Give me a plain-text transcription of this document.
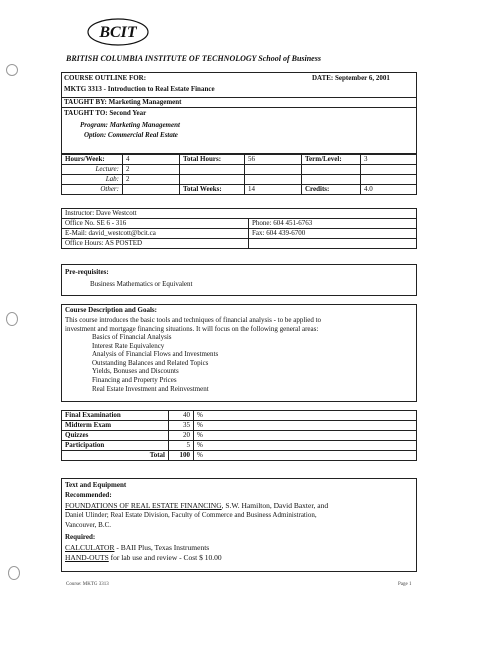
BCIT
BRITISH COLUMBIA INSTITUTE OF TECHNOLOGY School of Business
COURSE OUTLINE FOR:	DATE: September 6, 2001
MKTG 3313 - Introduction to Real Estate Finance
TAUGHT BY: Marketing Management
TAUGHT TO: Second Year
Program: Marketing Management
Option: Commercial Real Estate
Hours/Week:	4	Total Hours:	56	Term/Level:	3
Lecture:	2				
Lab:	2				
Other:		Total Weeks:	14	Credits:	4.0
Instructor: Dave Westcott	
Office No. SE 6 - 316	Phone: 604 451-6763
E-Mail: david_westcott@bcit.ca	Fax: 604 439-6700
Office Hours: AS POSTED	
Pre-requisites:
Business Mathematics or Equivalent
Course Description and Goals:
This course introduces the basic tools and techniques of financial analysis - to be applied to
investment and mortgage financing situations. It will focus on the following general areas:
Basics of Financial Analysis
Interest Rate Equivalency
Analysis of Financial Flows and Investments
Outstanding Balances and Related Topics
Yields, Bonuses and Discounts
Financing and Property Prices
Real Estate Investment and Reinvestment
Final Examination	40	%
Midterm Exam	35	%
Quizzes	20	%
Participation	5	%
Total	100	%
Text and Equipment
Recommended:
FOUNDATIONS OF REAL ESTATE FINANCING, S.W. Hamilton, David Baxter, and
Daniel Ulinder; Real Estate Division, Faculty of Commerce and Business Administration,
Vancouver, B.C.
Required:
CALCULATOR - BAII Plus, Texas Instruments
HAND-OUTS for lab use and review - Cost $ 10.00
Course: MKTG 3313	Page 1
